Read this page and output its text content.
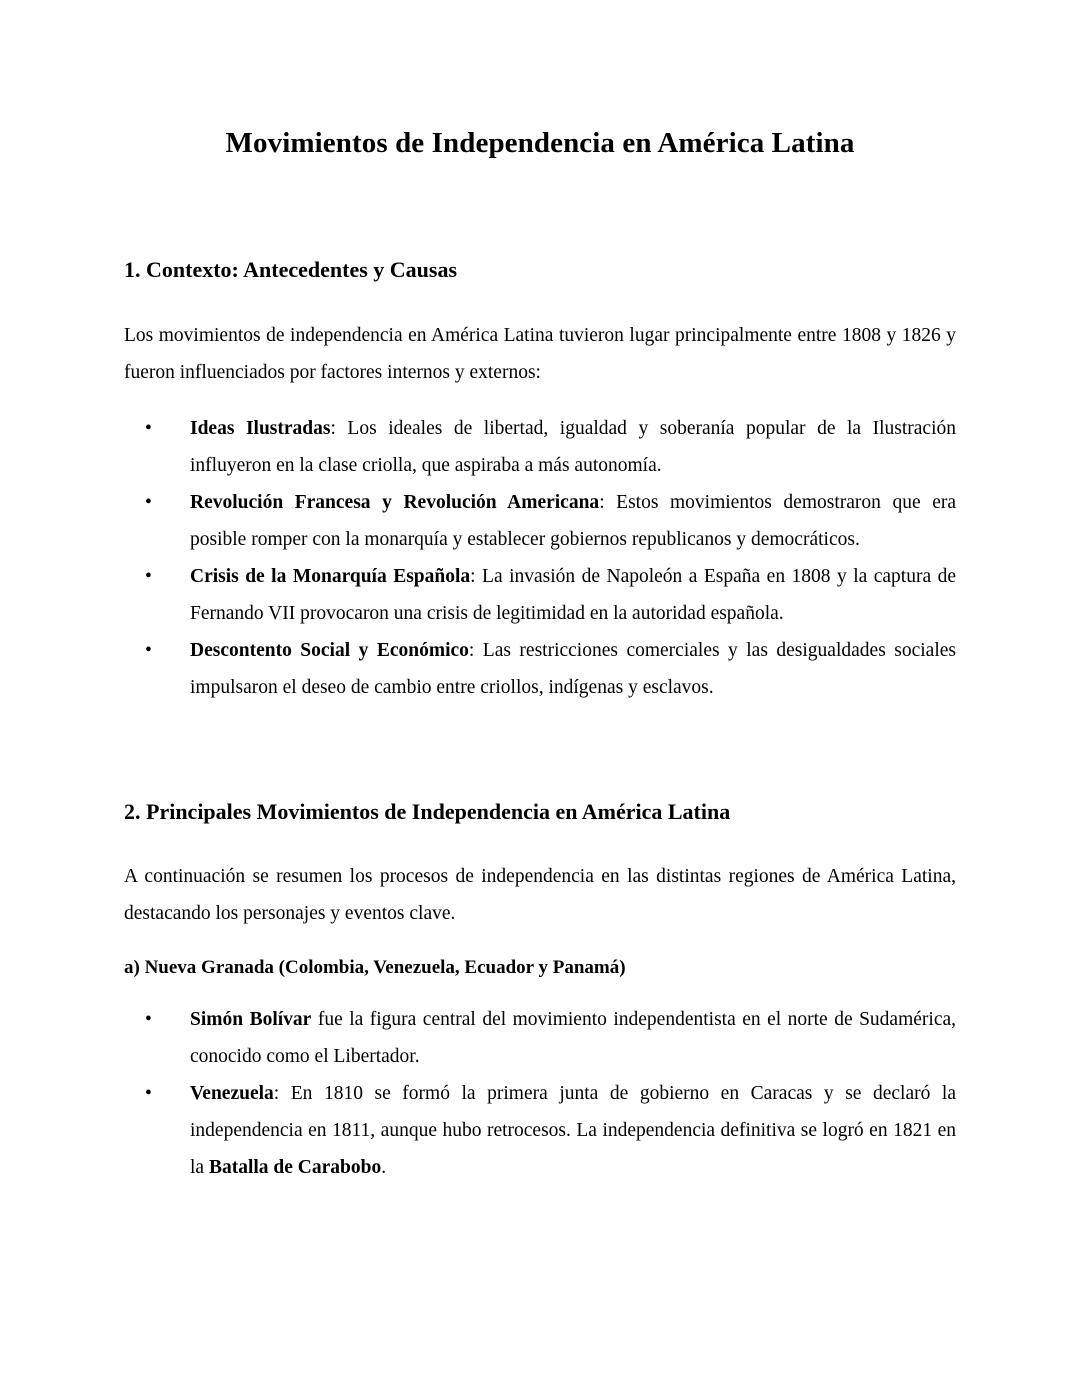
Movimientos de Independencia en América Latina
1. Contexto: Antecedentes y Causas

Los movimientos de independencia en América Latina tuvieron lugar principalmente entre 1808 y 1826 y fueron influenciados por factores internos y externos:

• Ideas Ilustradas: Los ideales de libertad, igualdad y soberanía popular de la Ilustración influyeron en la clase criolla, que aspiraba a más autonomía.
• Revolución Francesa y Revolución Americana: Estos movimientos demostraron que era posible romper con la monarquía y establecer gobiernos republicanos y democráticos.
• Crisis de la Monarquía Española: La invasión de Napoleón a España en 1808 y la captura de Fernando VII provocaron una crisis de legitimidad en la autoridad española.
• Descontento Social y Económico: Las restricciones comerciales y las desigualdades sociales impulsaron el deseo de cambio entre criollos, indígenas y esclavos.
2. Principales Movimientos de Independencia en América Latina

A continuación se resumen los procesos de independencia en las distintas regiones de América Latina, destacando los personajes y eventos clave.

a) Nueva Granada (Colombia, Venezuela, Ecuador y Panamá)
• Simón Bolívar fue la figura central del movimiento independentista en el norte de Sudamérica, conocido como el Libertador.
• Venezuela: En 1810 se formó la primera junta de gobierno en Caracas y se declaró la independencia en 1811, aunque hubo retrocesos. La independencia definitiva se logró en 1821 en la Batalla de Carabobo.
